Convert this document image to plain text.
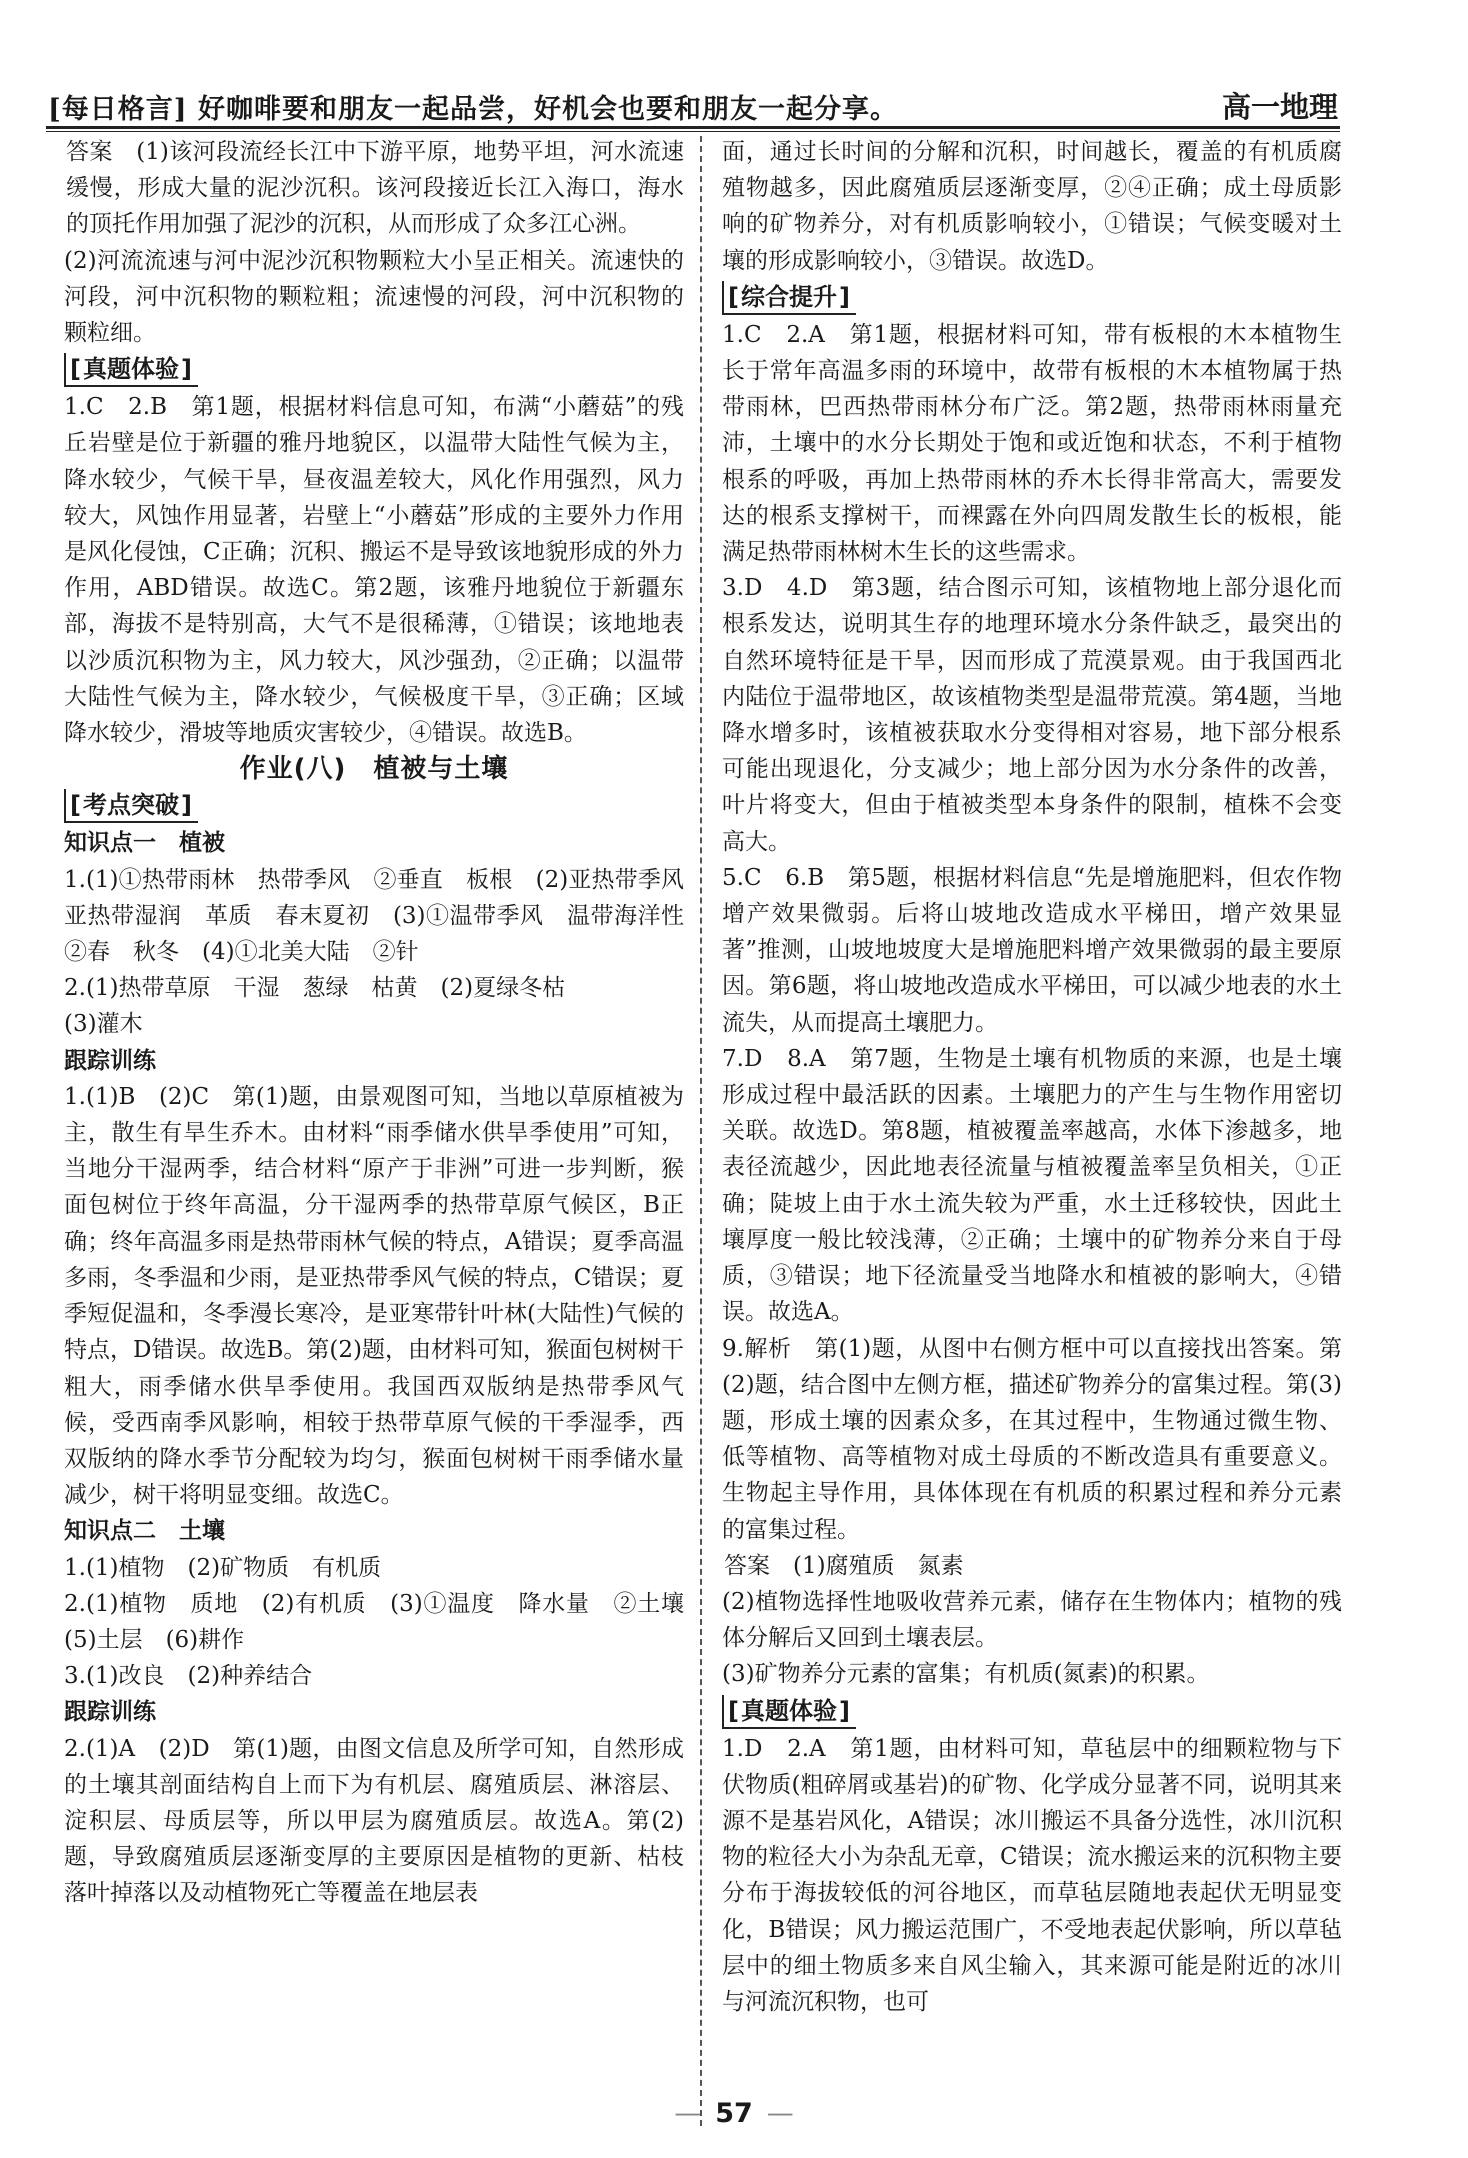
[每日格言] 好咖啡要和朋友一起品尝，好机会也要和朋友一起分享。	高一地理

答案　(1)该河段流经长江中下游平原，地势平坦，河水流速缓慢，形成大量的泥沙沉积。该河段接近长江入海口，海水的顶托作用加强了泥沙的沉积，从而形成了众多江心洲。

(2)河流流速与河中泥沙沉积物颗粒大小呈正相关。流速快的河段，河中沉积物的颗粒粗；流速慢的河段，河中沉积物的颗粒细。

[ 真题体验 ]

1.C　2.B　第1题，根据材料信息可知，布满“小蘑菇”的残丘岩壁是位于新疆的雅丹地貌区，以温带大陆性气候为主，降水较少，气候干旱，昼夜温差较大，风化作用强烈，风力较大，风蚀作用显著，岩壁上“小蘑菇”形成的主要外力作用是风化侵蚀，C正确；沉积、搬运不是导致该地貌形成的外力作用，ABD错误。故选C。第2题，该雅丹地貌位于新疆东部，海拔不是特别高，大气不是很稀薄，①错误；该地地表以沙质沉积物为主，风力较大，风沙强劲，②正确；以温带大陆性气候为主，降水较少，气候极度干旱，③正确；区域降水较少，滑坡等地质灾害较少，④错误。故选B。

作业(八)　植被与土壤

[ 考点突破 ]

知识点一　植被

1.(1)①热带雨林　热带季风　②垂直　板根　(2)亚热带季风　亚热带湿润　革质　春末夏初　(3)①温带季风　温带海洋性　②春　秋冬　(4)①北美大陆　②针

2.(1)热带草原　干湿　葱绿　枯黄　(2)夏绿冬枯

(3)灌木

跟踪训练

1.(1)B　(2)C　第(1)题，由景观图可知，当地以草原植被为主，散生有旱生乔木。由材料“雨季储水供旱季使用”可知，当地分干湿两季，结合材料“原产于非洲”可进一步判断，猴面包树位于终年高温，分干湿两季的热带草原气候区，B正确；终年高温多雨是热带雨林气候的特点，A错误；夏季高温多雨，冬季温和少雨，是亚热带季风气候的特点，C错误；夏季短促温和，冬季漫长寒冷，是亚寒带针叶林(大陆性)气候的特点，D错误。故选B。第(2)题，由材料可知，猴面包树树干粗大，雨季储水供旱季使用。我国西双版纳是热带季风气候，受西南季风影响，相较于热带草原气候的干季湿季，西双版纳的降水季节分配较为均匀，猴面包树树干雨季储水量减少，树干将明显变细。故选C。

知识点二　土壤

1.(1)植物　(2)矿物质　有机质

2.(1)植物　质地　(2)有机质　(3)①温度　降水量　②土壤　(5)土层　(6)耕作

3.(1)改良　(2)种养结合

跟踪训练

2.(1)A　(2)D　第(1)题，由图文信息及所学可知，自然形成的土壤其剖面结构自上而下为有机层、腐殖质层、淋溶层、淀积层、母质层等，所以甲层为腐殖质层。故选A。第(2)题，导致腐殖质层逐渐变厚的主要原因是植物的更新、枯枝落叶掉落以及动植物死亡等覆盖在地层表

面，通过长时间的分解和沉积，时间越长，覆盖的有机质腐殖物越多，因此腐殖质层逐渐变厚，②④正确；成土母质影响的矿物养分，对有机质影响较小，①错误；气候变暖对土壤的形成影响较小，③错误。故选D。

[ 综合提升 ]

1.C　2.A　第1题，根据材料可知，带有板根的木本植物生长于常年高温多雨的环境中，故带有板根的木本植物属于热带雨林，巴西热带雨林分布广泛。第2题，热带雨林雨量充沛，土壤中的水分长期处于饱和或近饱和状态，不利于植物根系的呼吸，再加上热带雨林的乔木长得非常高大，需要发达的根系支撑树干，而裸露在外向四周发散生长的板根，能满足热带雨林树木生长的这些需求。

3.D　4.D　第3题，结合图示可知，该植物地上部分退化而根系发达，说明其生存的地理环境水分条件缺乏，最突出的自然环境特征是干旱，因而形成了荒漠景观。由于我国西北内陆位于温带地区，故该植物类型是温带荒漠。第4题，当地降水增多时，该植被获取水分变得相对容易，地下部分根系可能出现退化，分支减少；地上部分因为水分条件的改善，叶片将变大，但由于植被类型本身条件的限制，植株不会变高大。

5.C　6.B　第5题，根据材料信息“先是增施肥料，但农作物增产效果微弱。后将山坡地改造成水平梯田，增产效果显著”推测，山坡地坡度大是增施肥料增产效果微弱的最主要原因。第6题，将山坡地改造成水平梯田，可以减少地表的水土流失，从而提高土壤肥力。

7.D　8.A　第7题，生物是土壤有机物质的来源，也是土壤形成过程中最活跃的因素。土壤肥力的产生与生物作用密切关联。故选D。第8题，植被覆盖率越高，水体下渗越多，地表径流越少，因此地表径流量与植被覆盖率呈负相关，①正确；陡坡上由于水土流失较为严重，水土迁移较快，因此土壤厚度一般比较浅薄，②正确；土壤中的矿物养分来自于母质，③错误；地下径流量受当地降水和植被的影响大，④错误。故选A。

9.解析　第(1)题，从图中右侧方框中可以直接找出答案。第(2)题，结合图中左侧方框，描述矿物养分的富集过程。第(3)题，形成土壤的因素众多，在其过程中，生物通过微生物、低等植物、高等植物对成土母质的不断改造具有重要意义。生物起主导作用，具体体现在有机质的积累过程和养分元素的富集过程。

答案　(1)腐殖质　氮素

(2)植物选择性地吸收营养元素，储存在生物体内；植物的残体分解后又回到土壤表层。

(3)矿物养分元素的富集；有机质(氮素)的积累。

[ 真题体验 ]

1.D　2.A　第1题，由材料可知，草毡层中的细颗粒物与下伏物质(粗碎屑或基岩)的矿物、化学成分显著不同，说明其来源不是基岩风化，A错误；冰川搬运不具备分选性，冰川沉积物的粒径大小为杂乱无章，C错误；流水搬运来的沉积物主要分布于海拔较低的河谷地区，而草毡层随地表起伏无明显变化，B错误；风力搬运范围广，不受地表起伏影响，所以草毡层中的细土物质多来自风尘输入，其来源可能是附近的冰川与河流沉积物，也可

— 57 —
